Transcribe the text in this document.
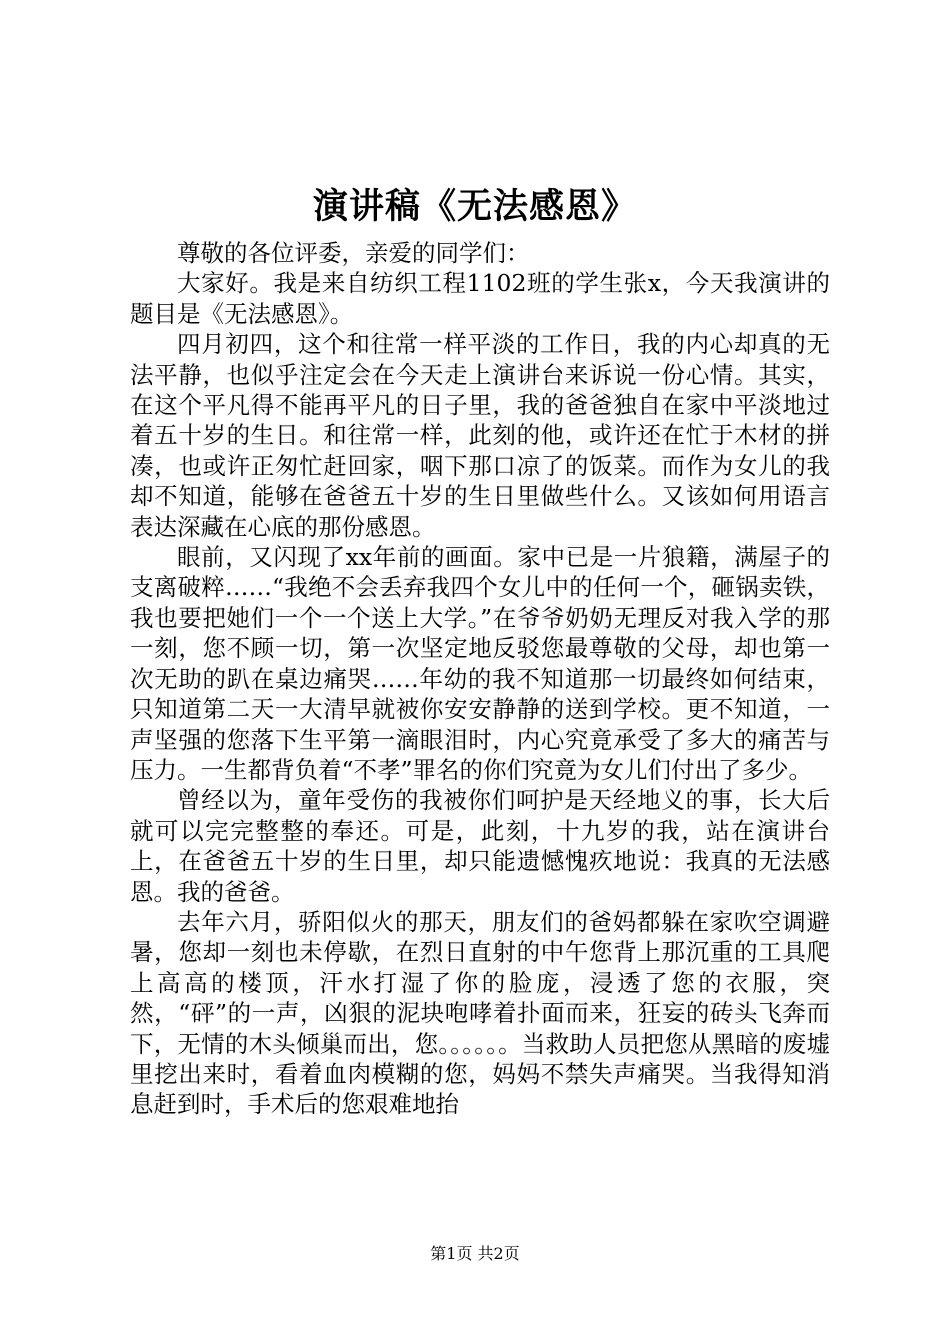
演讲稿《无法感恩》

尊敬的各位评委，亲爱的同学们：

大家好。我是来自纺织工程1102班的学生张x，今天我演讲的题目是《无法感恩》。

四月初四，这个和往常一样平淡的工作日，我的内心却真的无法平静，也似乎注定会在今天走上演讲台来诉说一份心情。其实，在这个平凡得不能再平凡的日子里，我的爸爸独自在家中平淡地过着五十岁的生日。和往常一样，此刻的他，或许还在忙于木材的拼凑，也或许正匆忙赶回家，咽下那口凉了的饭菜。而作为女儿的我却不知道，能够在爸爸五十岁的生日里做些什么。又该如何用语言表达深藏在心底的那份感恩。

眼前，又闪现了xx年前的画面。家中已是一片狼籍，满屋子的支离破粹……“我绝不会丢弃我四个女儿中的任何一个，砸锅卖铁，我也要把她们一个一个送上大学。”在爷爷奶奶无理反对我入学的那一刻，您不顾一切，第一次坚定地反驳您最尊敬的父母，却也第一次无助的趴在桌边痛哭……年幼的我不知道那一切最终如何结束，只知道第二天一大清早就被你安安静静的送到学校。更不知道，一声坚强的您落下生平第一滴眼泪时，内心究竟承受了多大的痛苦与压力。一生都背负着“不孝”罪名的你们究竟为女儿们付出了多少。

曾经以为，童年受伤的我被你们呵护是天经地义的事，长大后就可以完完整整的奉还。可是，此刻，十九岁的我，站在演讲台上，在爸爸五十岁的生日里，却只能遗憾愧疚地说：我真的无法感恩。我的爸爸。

去年六月，骄阳似火的那天，朋友们的爸妈都躲在家吹空调避暑，您却一刻也未停歇，在烈日直射的中午您背上那沉重的工具爬上高高的楼顶，汗水打湿了你的脸庞，浸透了您的衣服，突然，“砰”的一声，凶狠的泥块咆哮着扑面而来，狂妄的砖头飞奔而下，无情的木头倾巢而出，您。。。。。。当救助人员把您从黑暗的废墟里挖出来时，看着血肉模糊的您，妈妈不禁失声痛哭。当我得知消息赶到时，手术后的您艰难地抬

第1页 共2页
